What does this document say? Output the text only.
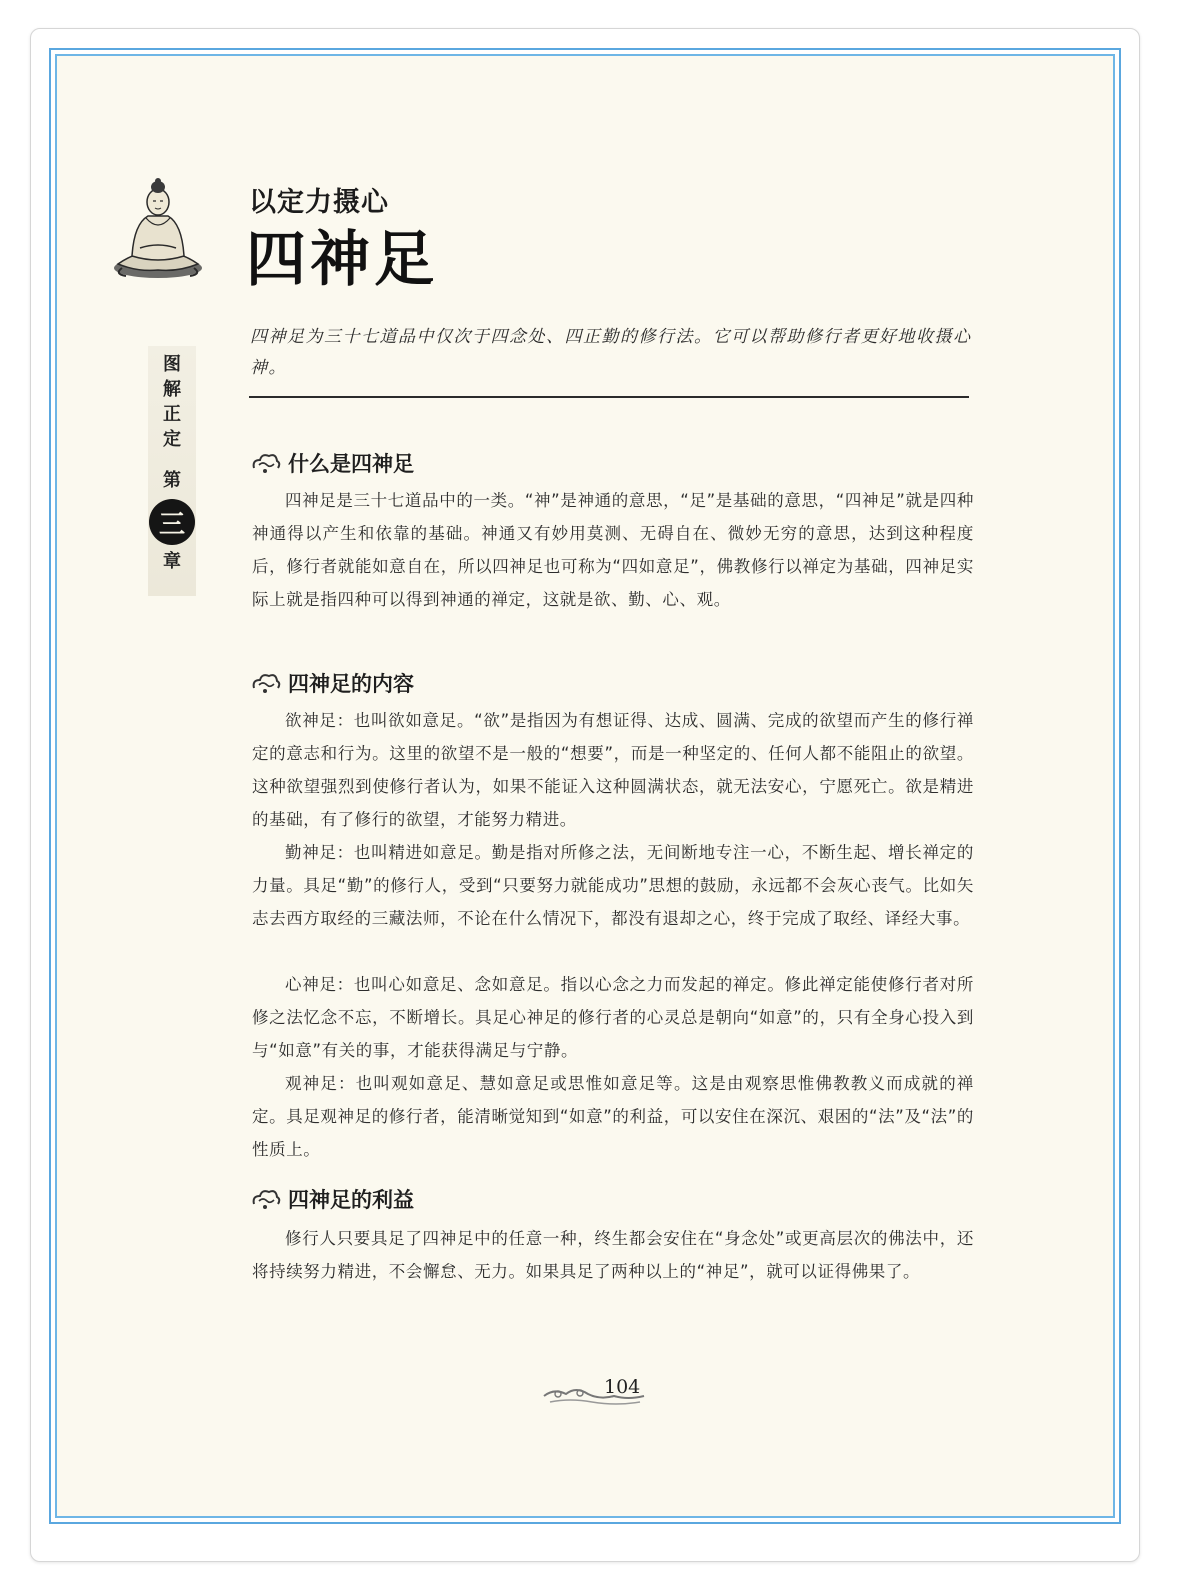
图
解
正
定
第
三
章
以定力摄心
四神足
四神足为三十七道品中仅次于四念处、四正勤的修行法。它可以帮助修行者更好地收摄心神。
什么是四神足
四神足是三十七道品中的一类。“神”是神通的意思，“足”是基础的意思，“四神足”就是四种神通得以产生和依靠的基础。神通又有妙用莫测、无碍自在、微妙无穷的意思，达到这种程度后，修行者就能如意自在，所以四神足也可称为“四如意足”，佛教修行以禅定为基础，四神足实际上就是指四种可以得到神通的禅定，这就是欲、勤、心、观。
四神足的内容
欲神足：也叫欲如意足。“欲”是指因为有想证得、达成、圆满、完成的欲望而产生的修行禅定的意志和行为。这里的欲望不是一般的“想要”，而是一种坚定的、任何人都不能阻止的欲望。这种欲望强烈到使修行者认为，如果不能证入这种圆满状态，就无法安心，宁愿死亡。欲是精进的基础，有了修行的欲望，才能努力精进。
勤神足：也叫精进如意足。勤是指对所修之法，无间断地专注一心，不断生起、增长禅定的力量。具足“勤”的修行人，受到“只要努力就能成功”思想的鼓励，永远都不会灰心丧气。比如矢志去西方取经的三藏法师，不论在什么情况下，都没有退却之心，终于完成了取经、译经大事。
心神足：也叫心如意足、念如意足。指以心念之力而发起的禅定。修此禅定能使修行者对所修之法忆念不忘，不断增长。具足心神足的修行者的心灵总是朝向“如意”的，只有全身心投入到与“如意”有关的事，才能获得满足与宁静。
观神足：也叫观如意足、慧如意足或思惟如意足等。这是由观察思惟佛教教义而成就的禅定。具足观神足的修行者，能清晰觉知到“如意”的利益，可以安住在深沉、艰困的“法”及“法”的性质上。
四神足的利益
修行人只要具足了四神足中的任意一种，终生都会安住在“身念处”或更高层次的佛法中，还将持续努力精进，不会懈怠、无力。如果具足了两种以上的“神足”，就可以证得佛果了。
104
